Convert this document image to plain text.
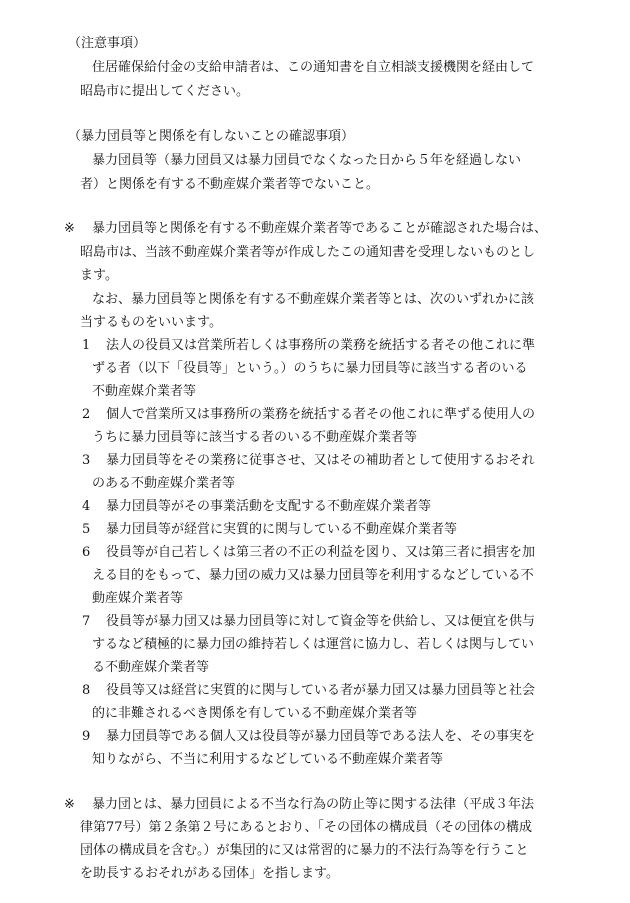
（注意事項）
住居確保給付金の支給申請者は、この通知書を自立相談支援機関を経由して
昭島市に提出してください。
（暴力団員等と関係を有しないことの確認事項）
暴力団員等（暴力団員又は暴力団員でなくなった日から５年を経過しない
者）と関係を有する不動産媒介業者等でないこと。
※ 暴力団員等と関係を有する不動産媒介業者等であることが確認された場合は、
昭島市は、当該不動産媒介業者等が作成したこの通知書を受理しないものとし
ます。
なお、暴力団員等と関係を有する不動産媒介業者等とは、次のいずれかに該
当するものをいいます。
1 法人の役員又は営業所若しくは事務所の業務を統括する者その他これに準
ずる者（以下「役員等」という。）のうちに暴力団員等に該当する者のいる
不動産媒介業者等
2 個人で営業所又は事務所の業務を統括する者その他これに準ずる使用人の
うちに暴力団員等に該当する者のいる不動産媒介業者等
3 暴力団員等をその業務に従事させ、又はその補助者として使用するおそれ
のある不動産媒介業者等
4 暴力団員等がその事業活動を支配する不動産媒介業者等
5 暴力団員等が経営に実質的に関与している不動産媒介業者等
6 役員等が自己若しくは第三者の不正の利益を図り、又は第三者に損害を加
える目的をもって、暴力団の威力又は暴力団員等を利用するなどしている不
動産媒介業者等
7 役員等が暴力団又は暴力団員等に対して資金等を供給し、又は便宜を供与
するなど積極的に暴力団の維持若しくは運営に協力し、若しくは関与してい
る不動産媒介業者等
8 役員等又は経営に実質的に関与している者が暴力団又は暴力団員等と社会
的に非難されるべき関係を有している不動産媒介業者等
9 暴力団員等である個人又は役員等が暴力団員等である法人を、その事実を
知りながら、不当に利用するなどしている不動産媒介業者等
※ 暴力団とは、暴力団員による不当な行為の防止等に関する法律（平成３年法
律第77号）第２条第２号にあるとおり、「その団体の構成員（その団体の構成
団体の構成員を含む。）が集団的に又は常習的に暴力的不法行為等を行うこと
を助長するおそれがある団体」を指します。
